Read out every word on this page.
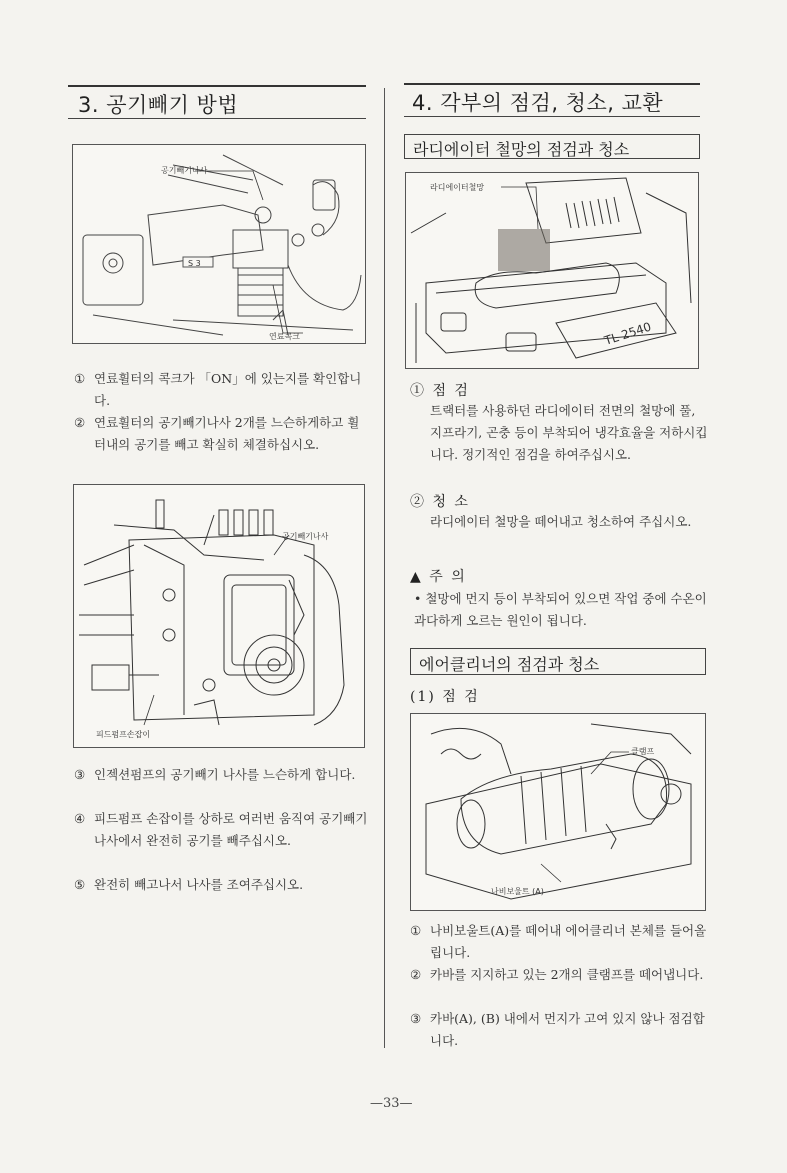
3. 공기빼기 방법
S 3
공기빼기나사
연료콕크
① 연료휠터의 콕크가 「ON」에 있는지를 확인합니다.
② 연료휠터의 공기빼기나사 2개를 느슨하게하고 휠터내의 공기를 빼고 확실히 체결하십시오.
공기빼기나사
피드펌프손잡이
③ 인젝션펌프의 공기빼기 나사를 느슨하게 합니다.
④ 피드펌프 손잡이를 상하로 여러번 움직여 공기빼기 나사에서 완전히 공기를 빼주십시오.
⑤ 완전히 빼고나서 나사를 조여주십시오.
4. 각부의 점검, 청소, 교환
라디에이터 철망의 점검과 청소
TL 2540
라디에이터철망
① 점 검
트랙터를 사용하던 라디에이터 전면의 철망에 풀, 지프라기, 곤충 등이 부착되어 냉각효율을 저하시킵니다. 정기적인 점검을 하여주십시오.
② 청 소
라디에이터 철망을 떼어내고 청소하여 주십시오.
▲ 주 의
• 철망에 먼지 등이 부착되어 있으면 작업 중에 수온이 과다하게 오르는 원인이 됩니다.
에어클리너의 점검과 청소
(1) 점 검
클램프
나비보울트 (A)
① 나비보울트(A)를 떼어내 에어클리너 본체를 들어올립니다.
② 카바를 지지하고 있는 2개의 클램프를 떼어냅니다.
③ 카바(A), (B) 내에서 먼지가 고여 있지 않나 점검합니다.
—33—
